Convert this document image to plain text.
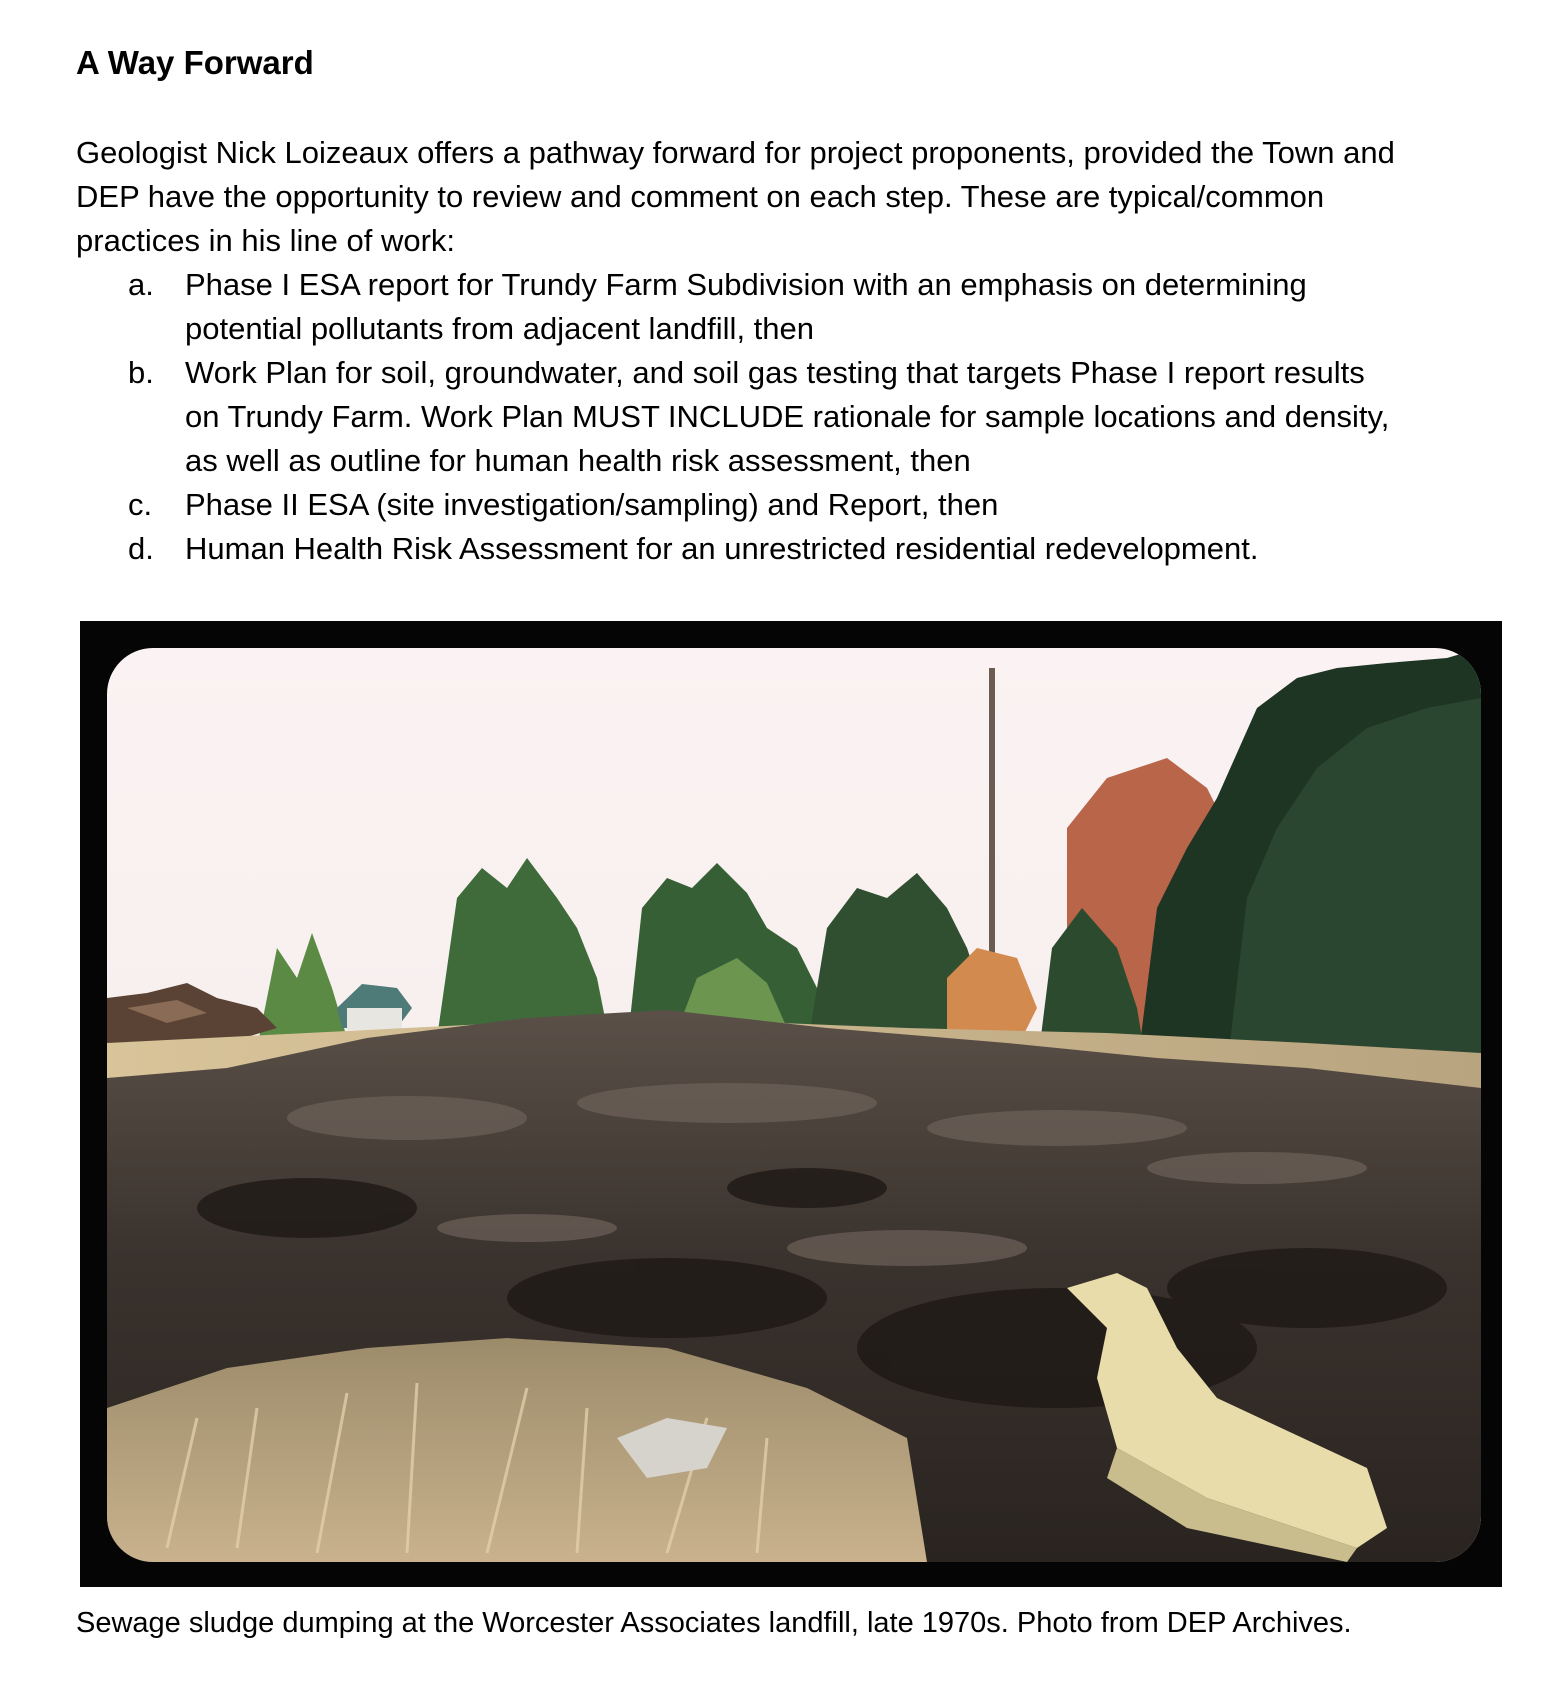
A Way Forward

Geologist Nick Loizeaux offers a pathway forward for project proponents, provided the Town and
DEP have the opportunity to review and comment on each step. These are typical/common
practices in his line of work:

a. Phase I ESA report for Trundy Farm Subdivision with an emphasis on determining
potential pollutants from adjacent landfill, then
b. Work Plan for soil, groundwater, and soil gas testing that targets Phase I report results
on Trundy Farm. Work Plan MUST INCLUDE rationale for sample locations and density,
as well as outline for human health risk assessment, then
c. Phase II ESA (site investigation/sampling) and Report, then
d. Human Health Risk Assessment for an unrestricted residential redevelopment.

Sewage sludge dumping at the Worcester Associates landfill, late 1970s. Photo from DEP Archives.
